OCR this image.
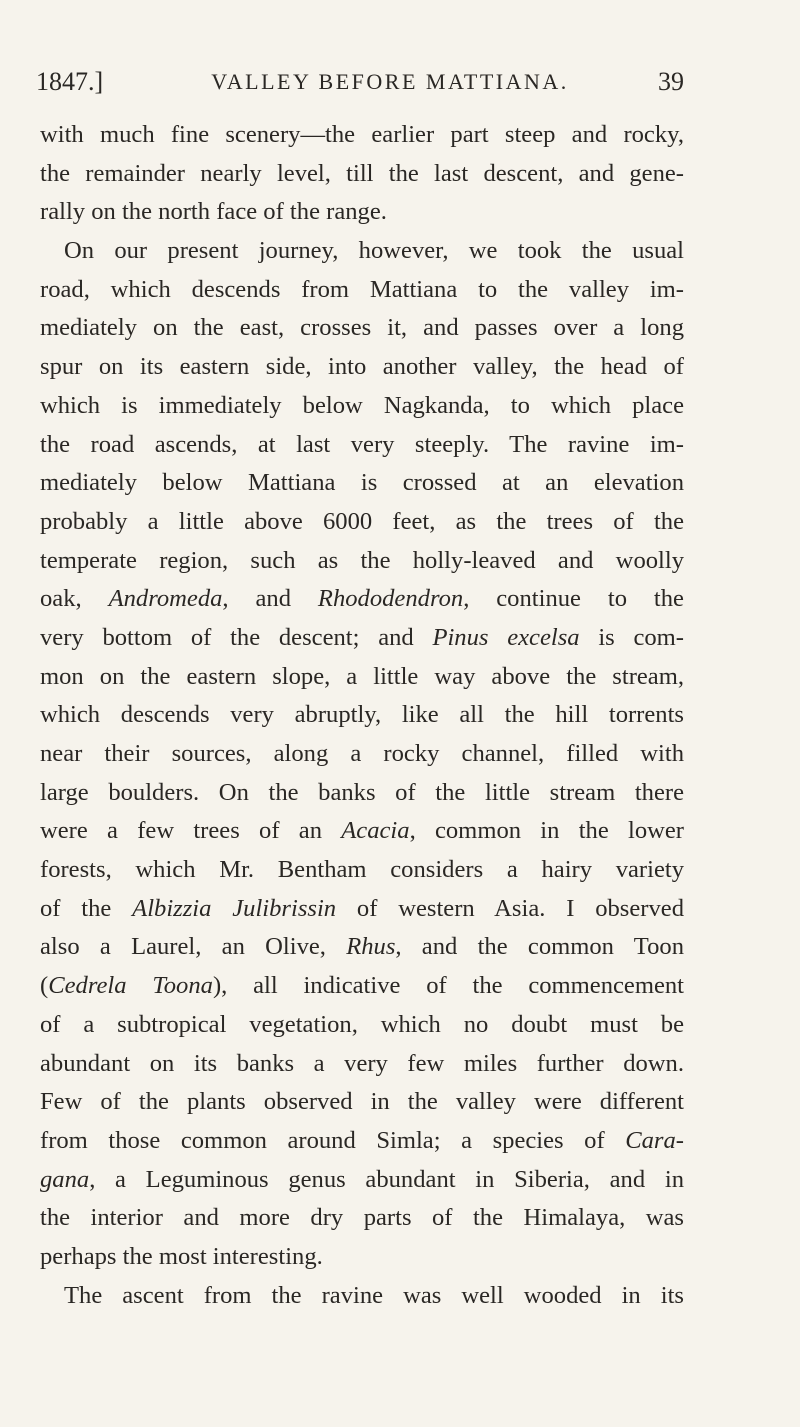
1847.]	VALLEY BEFORE MATTIANA.	39
with much fine scenery—the earlier part steep and rocky,
the remainder nearly level, till the last descent, and gene-
rally on the north face of the range.
On our present journey, however, we took the usual
road, which descends from Mattiana to the valley im-
mediately on the east, crosses it, and passes over a long
spur on its eastern side, into another valley, the head of
which is immediately below Nagkanda, to which place
the road ascends, at last very steeply. The ravine im-
mediately below Mattiana is crossed at an elevation
probably a little above 6000 feet, as the trees of the
temperate region, such as the holly-leaved and woolly
oak, Andromeda, and Rhododendron, continue to the
very bottom of the descent; and Pinus excelsa is com-
mon on the eastern slope, a little way above the stream,
which descends very abruptly, like all the hill torrents
near their sources, along a rocky channel, filled with
large boulders. On the banks of the little stream there
were a few trees of an Acacia, common in the lower
forests, which Mr. Bentham considers a hairy variety
of the Albizzia Julibrissin of western Asia. I observed
also a Laurel, an Olive, Rhus, and the common Toon
(Cedrela Toona), all indicative of the commencement
of a subtropical vegetation, which no doubt must be
abundant on its banks a very few miles further down.
Few of the plants observed in the valley were different
from those common around Simla; a species of Cara-
gana, a Leguminous genus abundant in Siberia, and in
the interior and more dry parts of the Himalaya, was
perhaps the most interesting.
The ascent from the ravine was well wooded in its
